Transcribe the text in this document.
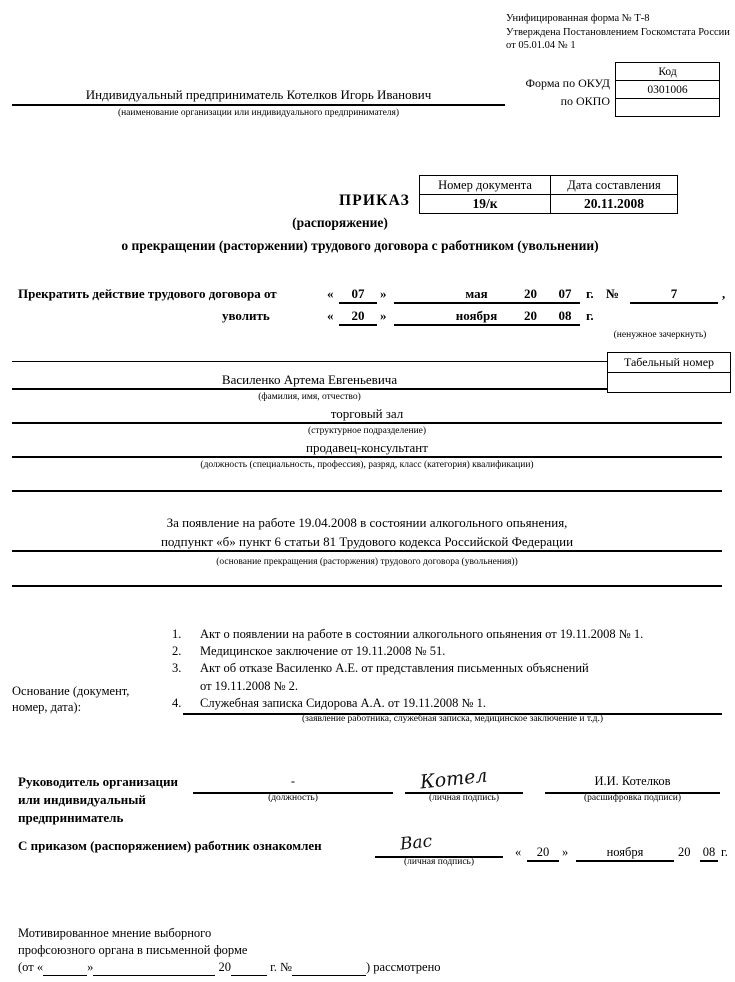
Унифицированная форма № Т-8
Утверждена Постановлением Госкомстата России
от 05.01.04 № 1
Код
0301006

Форма по ОКУД
по ОКПО
Индивидуальный предприниматель Котелков Игорь Иванович
(наименование организации или индивидуального предпринимателя)
ПРИКАЗ
Номер документа	Дата составления
19/к	20.11.2008
(распоряжение)
о прекращении (расторжении) трудового договора с работником (увольнении)
Прекратить действие трудового договора от	«	07	»	мая	20	07	г. №	7	,
уволить	«	20	»	ноября	20	08	г.
(ненужное зачеркнуть)
Табельный номер

Василенко Артема Евгеньевича
(фамилия, имя, отчество)
торговый зал
(структурное подразделение)
продавец-консультант
(должность (специальность, профессия), разряд, класс (категория) квалификации)
За появление на работе 19.04.2008 в состоянии алкогольного опьянения,
подпункт «б» пункт 6 статьи 81 Трудового кодекса Российской Федерации
(основание прекращения (расторжения) трудового договора (увольнения))
Основание (документ,
номер, дата):
1. Акт о появлении на работе в состоянии алкогольного опьянения от 19.11.2008 № 1.
2. Медицинское заключение от 19.11.2008 № 51.
3. Акт об отказе Василенко А.Е. от представления письменных объяснений
от 19.11.2008 № 2.
4. Служебная записка Сидорова А.А. от 19.11.2008 № 1.
(заявление работника, служебная записка, медицинское заключение и т.д.)
Руководитель организации
или индивидуальный
предприниматель
-
(должность)
Котел
(личная подпись)
И.И. Котелков
(расшифровка подписи)
С приказом (распоряжением) работник ознакомлен	Вас
(личная подпись)
«	20	»	ноября	20 08 г.
Мотивированное мнение выборного
профсоюзного органа в письменной форме
(от «	»	20	г. №	) рассмотрено
